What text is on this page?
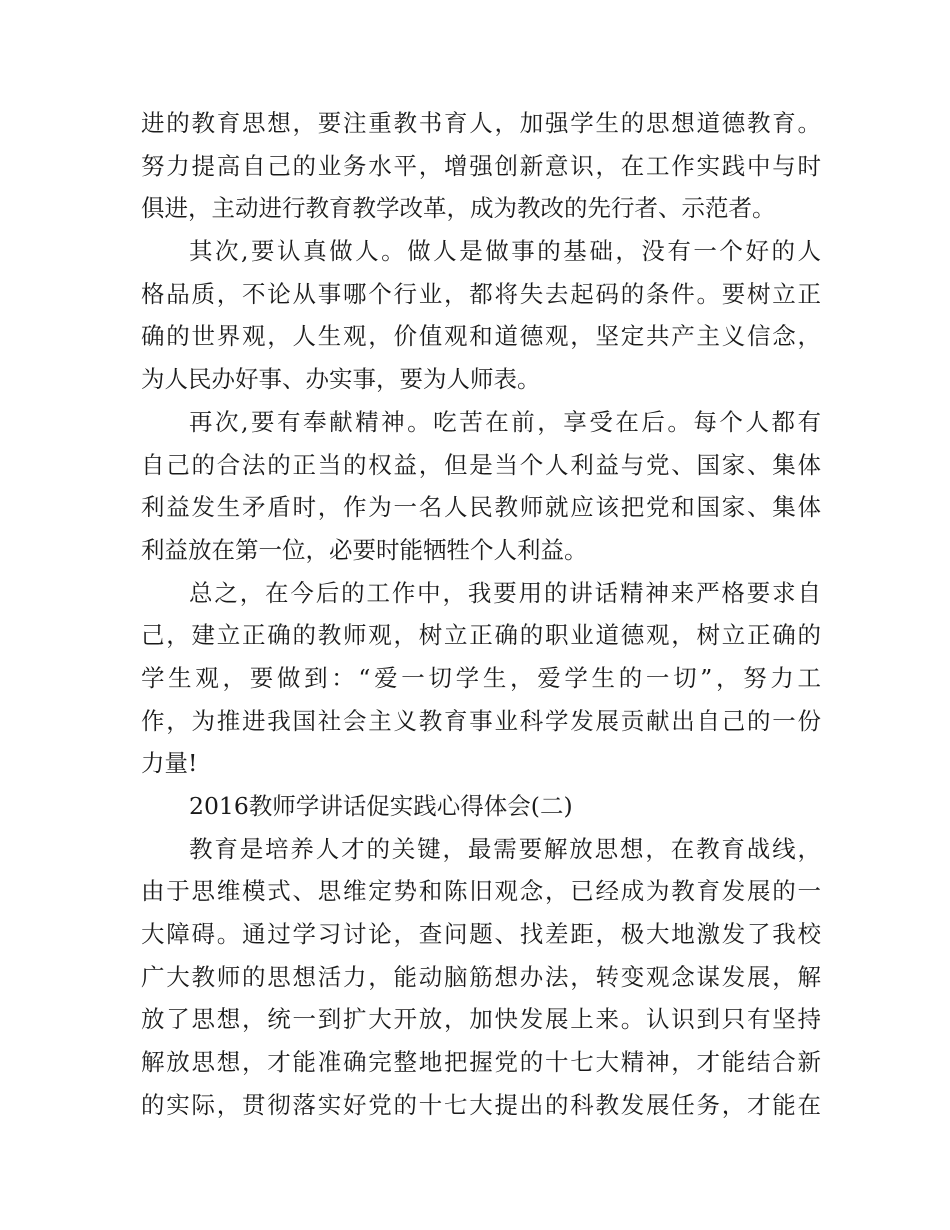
进的教育思想，要注重教书育人，加强学生的思想道德教育。
努力提高自己的业务水平，增强创新意识，在工作实践中与时
俱进，主动进行教育教学改革，成为教改的先行者、示范者。
其次,要认真做人。做人是做事的基础，没有一个好的人
格品质，不论从事哪个行业，都将失去起码的条件。要树立正
确的世界观，人生观，价值观和道德观，坚定共产主义信念，
为人民办好事、办实事，要为人师表。
再次,要有奉献精神。吃苦在前，享受在后。每个人都有
自己的合法的正当的权益，但是当个人利益与党、国家、集体
利益发生矛盾时，作为一名人民教师就应该把党和国家、集体
利益放在第一位，必要时能牺牲个人利益。
总之，在今后的工作中，我要用的讲话精神来严格要求自
己，建立正确的教师观，树立正确的职业道德观，树立正确的
学生观，要做到：“爱一切学生，爱学生的一切”，努力工
作，为推进我国社会主义教育事业科学发展贡献出自己的一份
力量!
2016教师学讲话促实践心得体会(二)
教育是培养人才的关键，最需要解放思想，在教育战线，
由于思维模式、思维定势和陈旧观念，已经成为教育发展的一
大障碍。通过学习讨论，查问题、找差距，极大地激发了我校
广大教师的思想活力，能动脑筋想办法，转变观念谋发展，解
放了思想，统一到扩大开放，加快发展上来。认识到只有坚持
解放思想，才能准确完整地把握党的十七大精神，才能结合新
的实际，贯彻落实好党的十七大提出的科教发展任务，才能在
